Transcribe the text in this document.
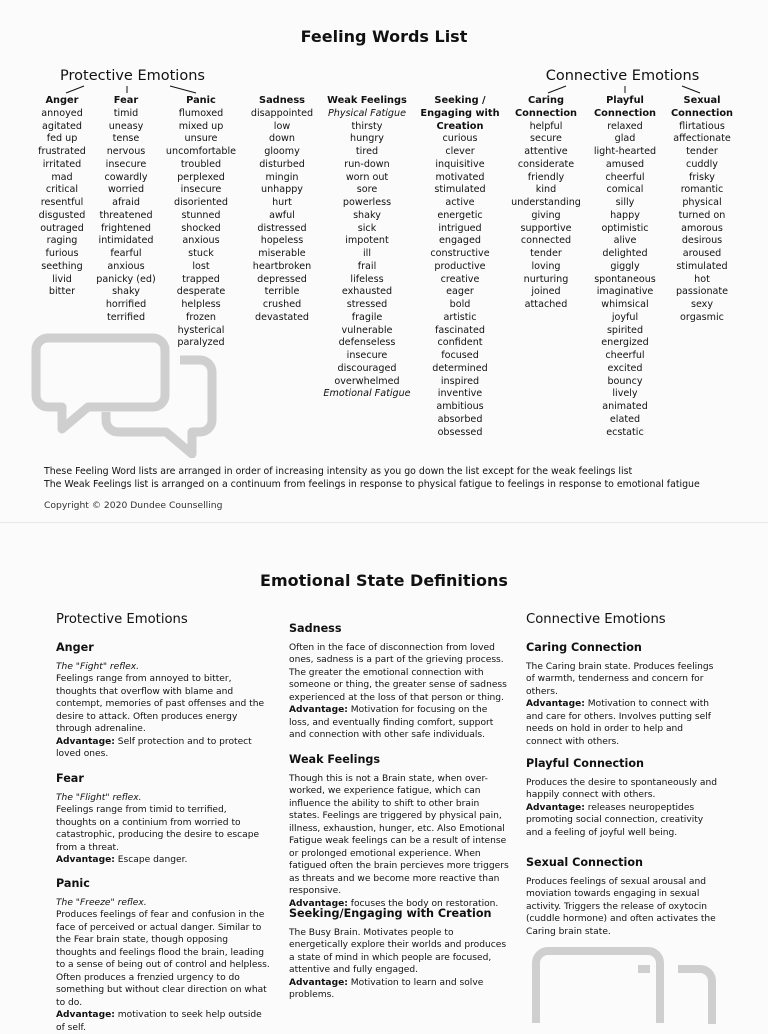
Feeling Words List
Protective Emotions	Connective Emotions
Anger
annoyed
agitated
fed up
frustrated
irritated
mad
critical
resentful
disgusted
outraged
raging
furious
seething
livid
bitter
Fear
timid
uneasy
tense
nervous
insecure
cowardly
worried
afraid
threatened
frightened
intimidated
fearful
anxious
panicky (ed)
shaky
horrified
terrified
Panic
flumoxed
mixed up
unsure
uncomfortable
troubled
perplexed
insecure
disoriented
stunned
shocked
anxious
stuck
lost
trapped
desperate
helpless
frozen
hysterical
paralyzed
Sadness
disappointed
low
down
gloomy
disturbed
mingin
unhappy
hurt
awful
distressed
hopeless
miserable
heartbroken
depressed
terrible
crushed
devastated
Weak Feelings
Physical Fatigue
thirsty
hungry
tired
run-down
worn out
sore
powerless
shaky
sick
impotent
ill
frail
lifeless
exhausted
stressed
fragile
vulnerable
defenseless
insecure
discouraged
overwhelmed
Emotional Fatigue
Seeking /
Engaging with
Creation
curious
clever
inquisitive
motivated
stimulated
active
energetic
intrigued
engaged
constructive
productive
creative
eager
bold
artistic
fascinated
confident
focused
determined
inspired
inventive
ambitious
absorbed
obsessed
Caring
Connection
helpful
secure
attentive
considerate
friendly
kind
understanding
giving
supportive
connected
tender
loving
nurturing
joined
attached
Playful
Connection
relaxed
glad
light-hearted
amused
cheerful
comical
silly
happy
optimistic
alive
delighted
giggly
spontaneous
imaginative
whimsical
joyful
spirited
energized
cheerful
excited
bouncy
lively
animated
elated
ecstatic
Sexual
Connection
flirtatious
affectionate
tender
cuddly
frisky
romantic
physical
turned on
amorous
desirous
aroused
stimulated
hot
passionate
sexy
orgasmic
These Feeling Word lists are arranged in order of increasing intensity as you go down the list except for the weak feelings list
The Weak Feelings list is arranged on a continuum from feelings in response to physical fatigue to feelings in response to emotional fatigue
Copyright © 2020 Dundee Counselling
Emotional State Definitions
Protective Emotions	Connective Emotions
Anger
The "Fight" reflex.

Feelings range from annoyed to bitter, thoughts that overflow with blame and contempt, memories of past offenses and the desire to attack. Often produces energy through adrenaline.
Advantage: Self protection and to protect loved ones.

Fear
The "Flight" reflex.

Feelings range from timid to terrified, thoughts on a continium from worried to catastrophic, producing the desire to escape from a threat.
Advantage: Escape danger.

Panic
The "Freeze" reflex.

Produces feelings of fear and confusion in the face of perceived or actual danger. Similar to the Fear brain state, though opposing thoughts and feelings flood the brain, leading to a sense of being out of control and helpless. Often produces a frenzied urgency to do something but without clear direction on what to do.
Advantage: motivation to seek help outside of self.

Sadness

Often in the face of disconnection from loved ones, sadness is a part of the grieving process. The greater the emotional connection with someone or thing, the greater sense of sadness experienced at the loss of that person or thing.
Advantage: Motivation for focusing on the loss, and eventually finding comfort, support and connection with other safe individuals.

Weak Feelings

Though this is not a Brain state, when over-worked, we experience fatigue, which can influence the ability to shift to other brain states. Feelings are triggered by physical pain, illness, exhaustion, hunger, etc. Also Emotional Fatigue weak feelings can be a result of intense or prolonged emotional experience. When fatigued often the brain percieves more triggers as threats and we become more reactive than responsive.
Advantage: focuses the body on restoration.

Seeking/Engaging with Creation

The Busy Brain. Motivates people to energetically explore their worlds and produces a state of mind in which people are focused, attentive and fully engaged.
Advantage: Motivation to learn and solve problems.

Caring Connection

The Caring brain state. Produces feelings of warmth, tenderness and concern for others.
Advantage: Motivation to connect with and care for others. Involves putting self needs on hold in order to help and connect with others.

Playful Connection

Produces the desire to spontaneously and happily connect with others.
Advantage: releases neuropeptides promoting social connection, creativity and a feeling of joyful well being.

Sexual Connection

Produces feelings of sexual arousal and moviation towards engaging in sexual activity. Triggers the release of oxytocin (cuddle hormone) and often activates the Caring brain state.
